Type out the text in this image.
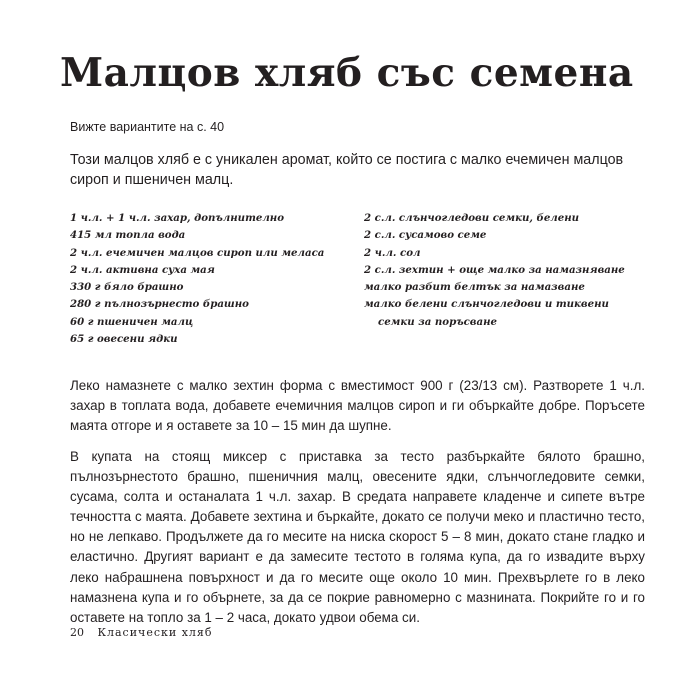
Малцов хляб със семена
Вижте вариантите на с. 40

Този малцов хляб е с уникален аромат, който се постига с малко ечемичен малцов сироп и пшеничен малц.

1 ч.л. + 1 ч.л. захар, допълнително
415 мл топла вода
2 ч.л. ечемичен малцов сироп или меласа
2 ч.л. активна суха мая
330 г бяло брашно
280 г пълнозърнесто брашно
60 г пшеничен малц
65 г овесени ядки
2 с.л. слънчогледови семки, белени
2 с.л. сусамово семе
2 ч.л. сол
2 с.л. зехтин + още малко за намазняване
малко разбит белтък за намазване
малко белени слънчогледови и тиквени
семки за поръсване

Леко намазнете с малко зехтин форма с вместимост 900 г (23/13 см). Разтворете 1 ч.л. захар в топлата вода, добавете ечемичния малцов сироп и ги объркайте добре. Поръсете маята отгоре и я оставете за 10 – 15 мин да шупне.

В купата на стоящ миксер с приставка за тесто разбъркайте бялото брашно, пълнозърнестото брашно, пшеничния малц, овесените ядки, слънчогледовите семки, сусама, солта и останалата 1 ч.л. захар. В средата направете кладенче и сипете вътре течността с маята. Добавете зехтина и бъркайте, докато се получи меко и пластично тесто, но не лепкаво. Продължете да го месите на ниска скорост 5 – 8 мин, докато стане гладко и еластично. Другият вариант е да замесите тестото в голяма купа, да го извадите върху леко набрашнена повърхност и да го месите още около 10 мин. Прехвърлете го в леко намазнена купа и го обърнете, за да се покрие равномерно с мазнината. Покрийте го и го оставете на топло за 1 – 2 часа, докато удвои обема си.

20 Класически хляб
